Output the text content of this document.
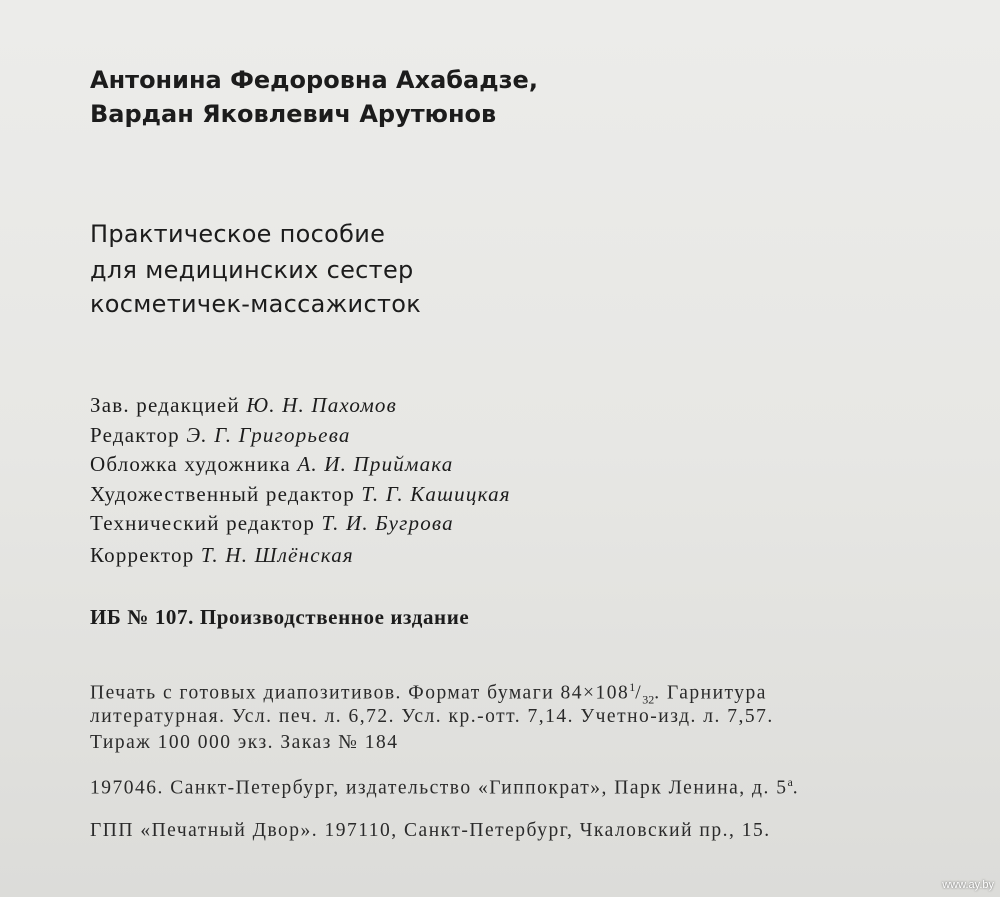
Антонина Федоровна Ахабадзе,
Вардан Яковлевич Арутюнов
Практическое пособие
для медицинских сестер
косметичек-массажисток
Зав. редакцией Ю. Н. Пахомов
Редактор Э. Г. Григорьева
Обложка художника А. И. Приймака
Художественный редактор Т. Г. Кашицкая
Технический редактор Т. И. Бугрова
Корректор Т. Н. Шлёнская
ИБ № 107. Производственное издание
Печать с готовых диапозитивов. Формат бумаги $84\times 108^1/_{32}$. Гарнитура
литературная. Усл. печ. л. 6,72. Усл. кр.-отт. 7,14. Учетно-изд. л. 7,57.
Тираж 100 000 экз. Заказ № 184
197046. Санкт-Петербург, издательство «Гиппократ», Парк Ленина, д. $5^а$.
ГПП «Печатный Двор». 197110, Санкт-Петербург, Чкаловский пр., 15.
www.ay.by
